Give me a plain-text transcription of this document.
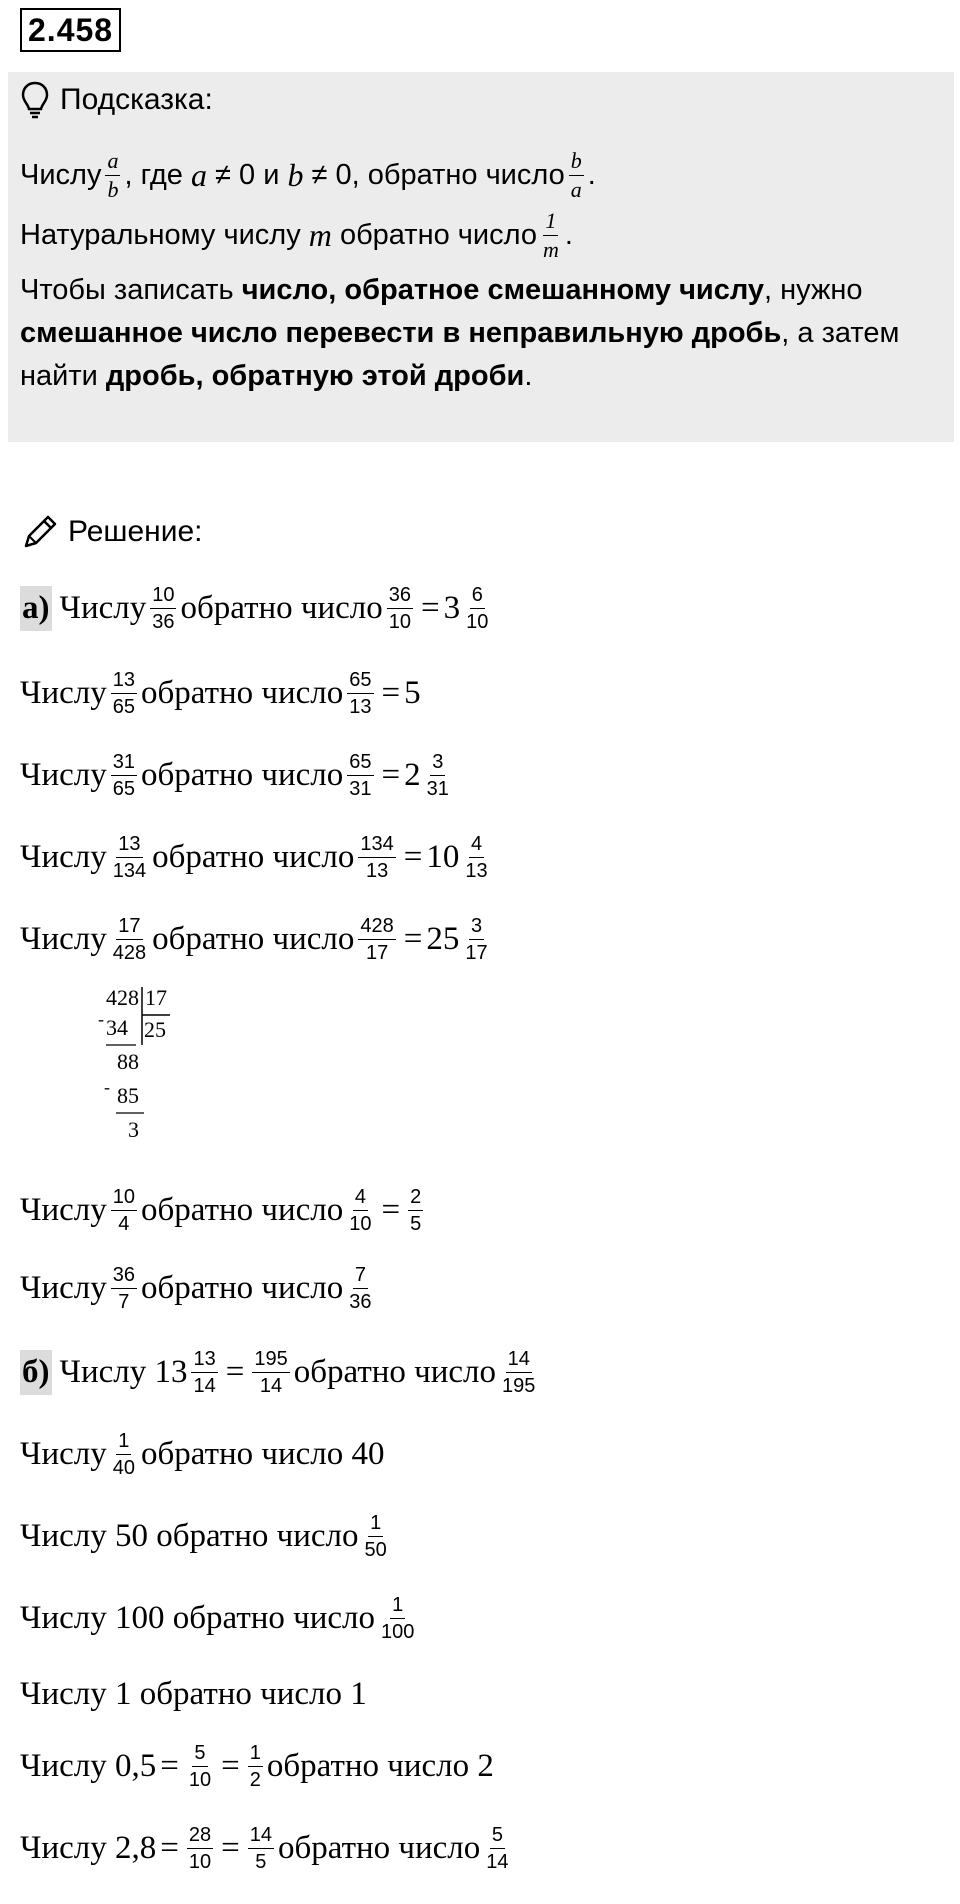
2.458
Подсказка:
Числу $\frac{a}{b}$ , где
a
≠ 0 и
b
≠ 0, обратно число $\frac{b}{a}$ .
Натуральному числу
m
обратно число $\frac{1}{m}$ .
Чтобы записать число, обратное смешанному числу , нужно
смешанное число перевести в неправильную дробь , а затем
найти дробь, обратную этой дроби .
Решение:
а) Числу $\frac{10}{36}$ обратно число $\frac{36}{10} = 3 \frac{6}{10}$
Числу $\frac{13}{65}$ обратно число $\frac{65}{13} = 5$
Числу $\frac{31}{65}$ обратно число $\frac{65}{31} = 2 \frac{3}{31}$
Числу $\frac{13}{134}$ обратно число $\frac{134}{13} = 10 \frac{4}{13}$
Числу $\frac{17}{428}$ обратно число $\frac{428}{17} = 25 \frac{3}{17}$
428 17
25
- 34
88
- 85
3
Числу $\frac{10}{4}$ обратно число $\frac{4}{10} = \frac{2}{5}$
Числу $\frac{36}{7}$ обратно число $\frac{7}{36}$
б) Числу
$13 \frac{13}{14} = \frac{195}{14}$ обратно число $\frac{14}{195}$
Числу $\frac{1}{40}$ обратно число
40
Числу
50
обратно число $\frac{1}{50}$
Числу
100
обратно число $\frac{1}{100}$
Числу
1
обратно число
1
Числу
$0,5 = \frac{5}{10} = \frac{1}{2}$ обратно число
2
Числу
$2,8 = \frac{28}{10} = \frac{14}{5}$ обратно число $\frac{5}{14}$
